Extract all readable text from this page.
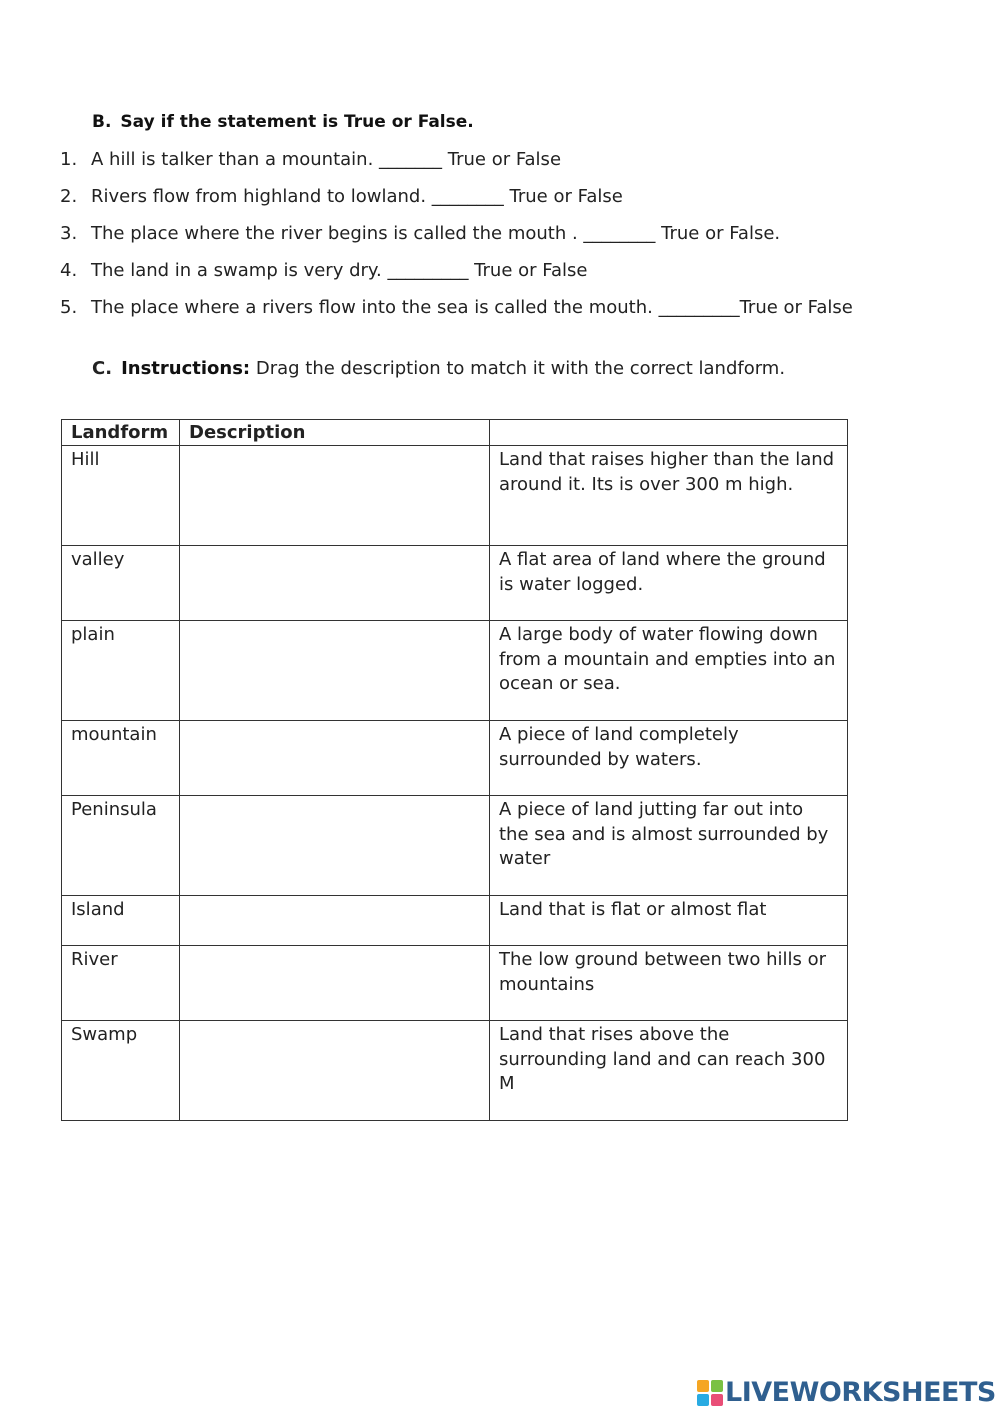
B. Say if the statement is True or False.
1. A hill is talker than a mountain. _______ True or False
2. Rivers flow from highland to lowland. ________ True or False
3. The place where the river begins is called the mouth . ________ True or False.
4. The land in a swamp is very dry. _________ True or False
5. The place where a rivers flow into the sea is called the mouth. _________True or False
C. Instructions: Drag the description to match it with the correct landform.
Landform	Description	
Hill		Land that raises higher than the land around it. Its is over 300 m high.
valley		A flat area of land where the ground is water logged.
plain		A large body of water flowing down from a mountain and empties into an ocean or sea.
mountain		A piece of land completely surrounded by waters.
Peninsula		A piece of land jutting far out into the sea and is almost surrounded by water
Island		Land that is flat or almost flat
River		The low ground between two hills or mountains
Swamp		Land that rises above the surrounding land and can reach 300 M
LIVEWORKSHEETS
